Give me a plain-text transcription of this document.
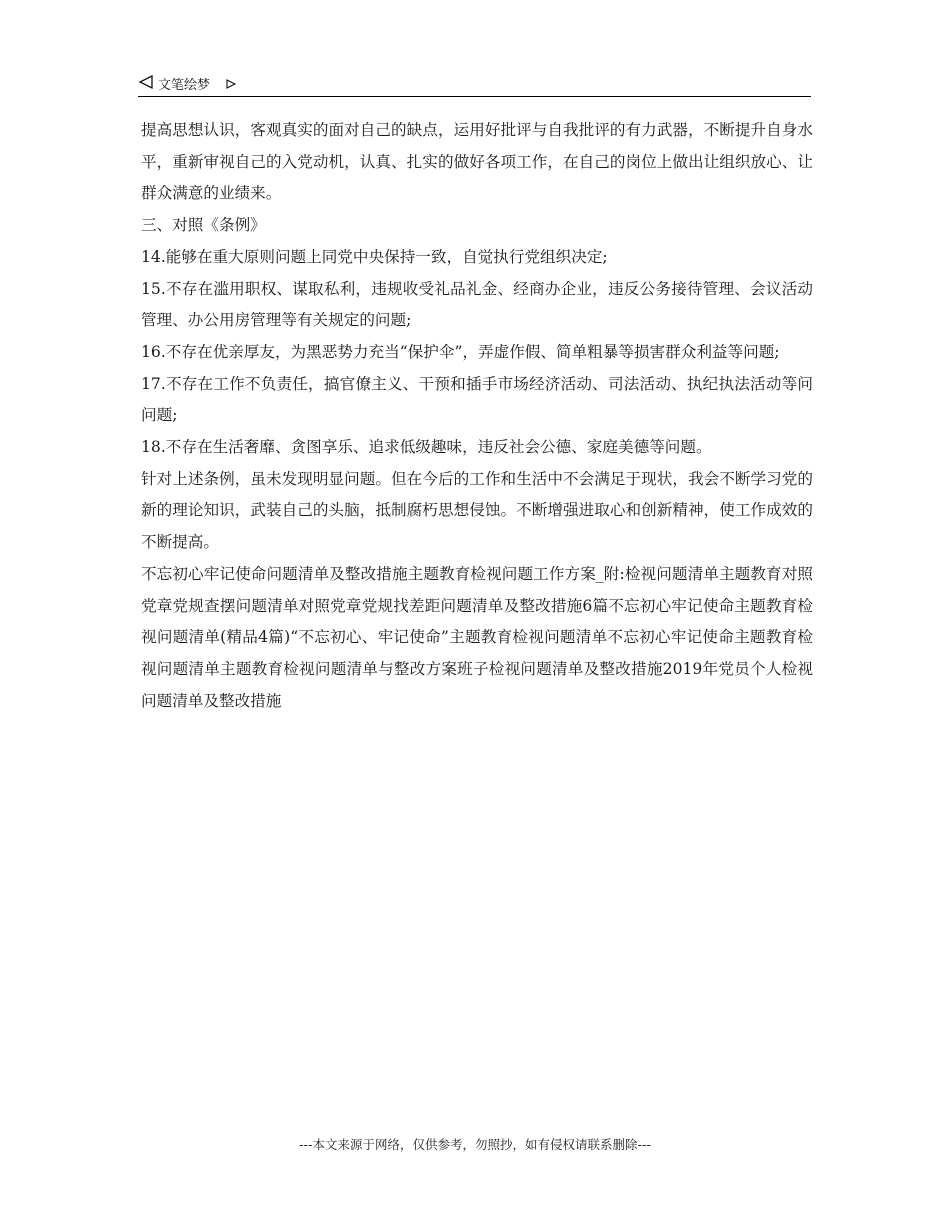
文笔绘梦

提高思想认识，客观真实的面对自己的缺点，运用好批评与自我批评的有力武器，不断提升自身水平，重新审视自己的入党动机，认真、扎实的做好各项工作，在自己的岗位上做出让组织放心、让群众满意的业绩来。

三、对照《条例》

14.能够在重大原则问题上同党中央保持一致，自觉执行党组织决定;

15.不存在滥用职权、谋取私利，违规收受礼品礼金、经商办企业，违反公务接待管理、会议活动管理、办公用房管理等有关规定的问题;

16.不存在优亲厚友，为黑恶势力充当“保护伞”，弄虚作假、简单粗暴等损害群众利益等问题;

17.不存在工作不负责任，搞官僚主义、干预和插手市场经济活动、司法活动、执纪执法活动等问问题;

18.不存在生活奢靡、贪图享乐、追求低级趣味，违反社会公德、家庭美德等问题。

针对上述条例，虽未发现明显问题。但在今后的工作和生活中不会满足于现状，我会不断学习党的新的理论知识，武装自己的头脑，抵制腐朽思想侵蚀。不断增强进取心和创新精神，使工作成效的不断提高。

不忘初心牢记使命问题清单及整改措施主题教育检视问题工作方案_附:检视问题清单主题教育对照党章党规查摆问题清单对照党章党规找差距问题清单及整改措施6篇不忘初心牢记使命主题教育检视问题清单(精品4篇)“不忘初心、牢记使命”主题教育检视问题清单不忘初心牢记使命主题教育检视问题清单主题教育检视问题清单与整改方案班子检视问题清单及整改措施2019年党员个人检视问题清单及整改措施

---本文来源于网络，仅供参考，勿照抄，如有侵权请联系删除---
